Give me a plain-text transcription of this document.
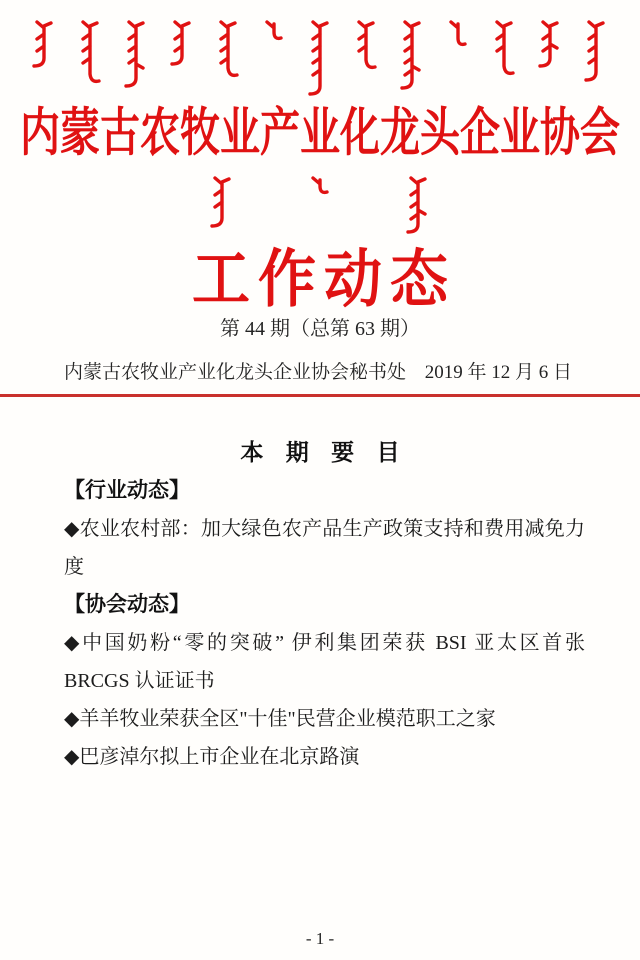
内蒙古农牧业产业化龙头企业协会
工作动态
第 44 期（总第 63 期）
内蒙古农牧业产业化龙头企业协会秘书处 2019 年 12 月 6 日
本 期 要 目
【行业动态】
◆农业农村部：加大绿色农产品生产政策支持和费用减免力度
【协会动态】
◆中国奶粉“零的突破” 伊利集团荣获 BSI 亚太区首张 BRCGS 认证证书
◆羊羊牧业荣获全区"十佳"民营企业模范职工之家
◆巴彦淖尔拟上市企业在北京路演
- 1 -
